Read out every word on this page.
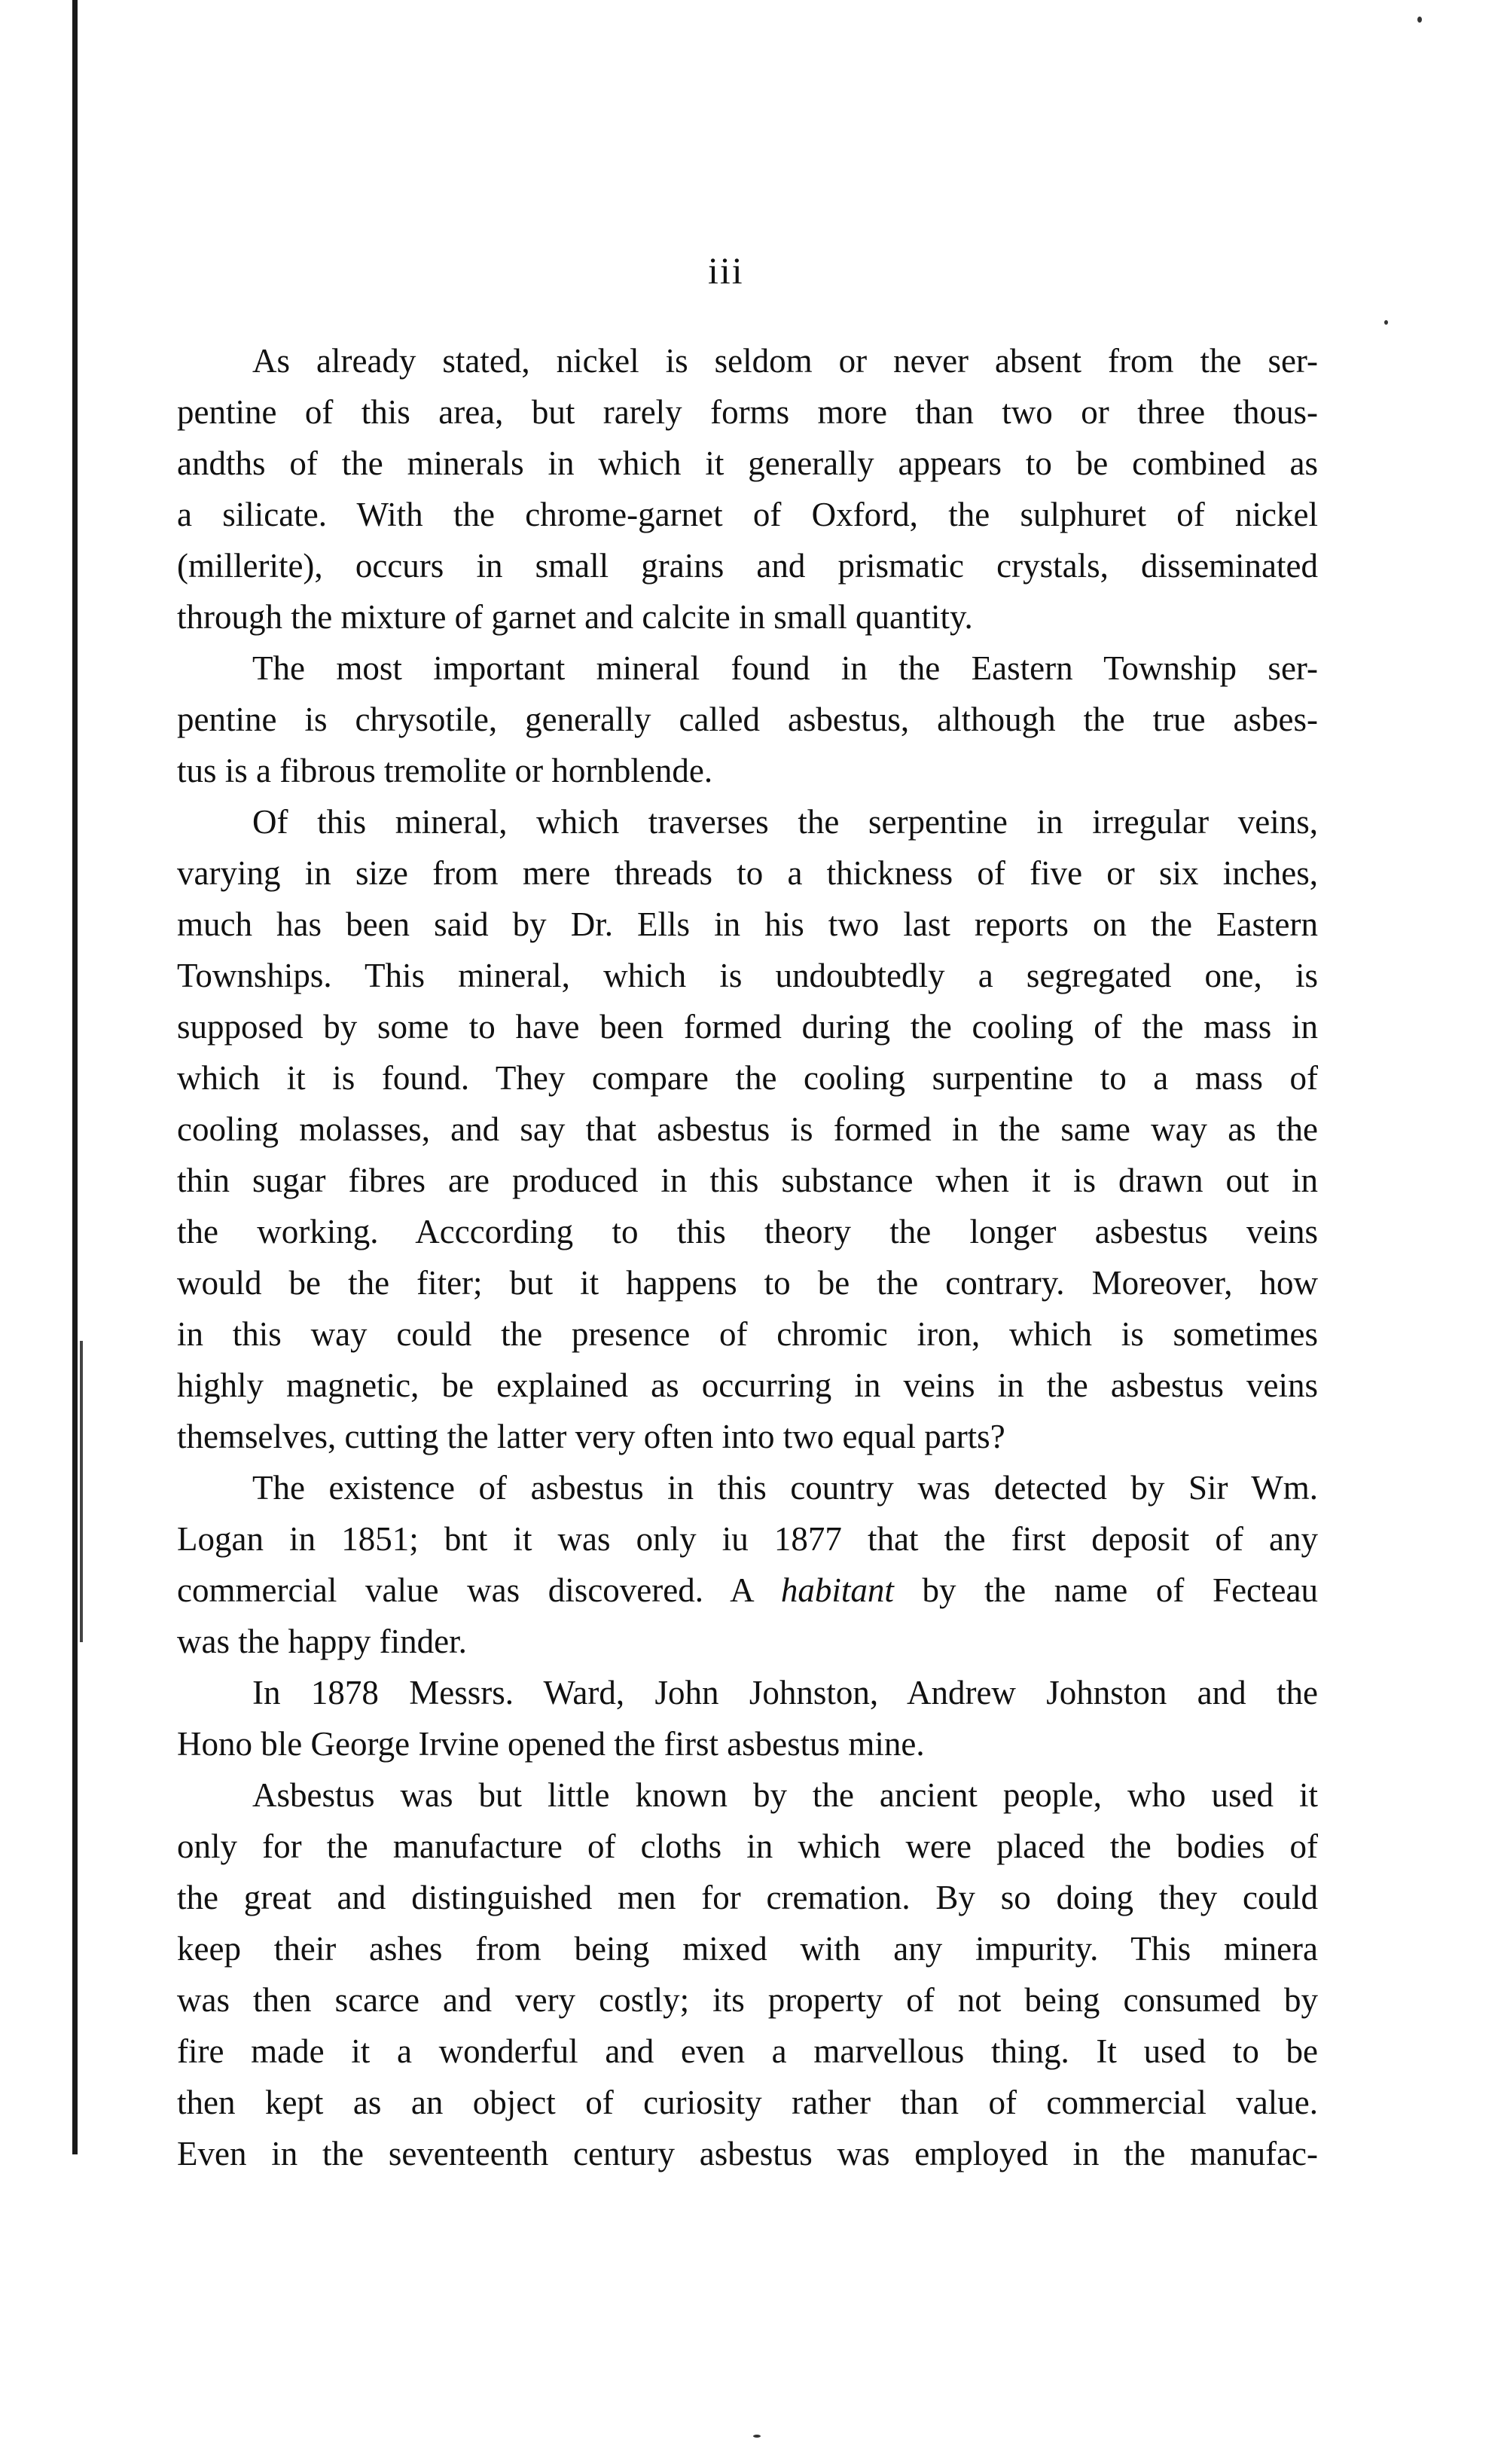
iii
As already stated, nickel is seldom or never absent from the ser-
pentine of this area, but rarely forms more than two or three thous-
andths of the minerals in which it generally appears to be combined as
a silicate. With the chrome-garnet of Oxford, the sulphuret of nickel
(millerite), occurs in small grains and prismatic crystals, disseminated
through the mixture of garnet and calcite in small quantity.
The most important mineral found in the Eastern Township ser-
pentine is chrysotile, generally called asbestus, although the true asbes-
tus is a fibrous tremolite or hornblende.
Of this mineral, which traverses the serpentine in irregular veins,
varying in size from mere threads to a thickness of five or six inches,
much has been said by Dr. Ells in his two last reports on the Eastern
Townships. This mineral, which is undoubtedly a segregated one, is
supposed by some to have been formed during the cooling of the mass in
which it is found. They compare the cooling surpentine to a mass of
cooling molasses, and say that asbestus is formed in the same way as the
thin sugar fibres are produced in this substance when it is drawn out in
the working. Acccording to this theory the longer asbestus veins
would be the fiter; but it happens to be the contrary. Moreover, how
in this way could the presence of chromic iron, which is sometimes
highly magnetic, be explained as occurring in veins in the asbestus veins
themselves, cutting the latter very often into two equal parts?
The existence of asbestus in this country was detected by Sir Wm.
Logan in 1851; bnt it was only iu 1877 that the first deposit of any
commercial value was discovered. A habitant by the name of Fecteau
was the happy finder.
In 1878 Messrs. Ward, John Johnston, Andrew Johnston and the
Hono ble George Irvine opened the first asbestus mine.
Asbestus was but little known by the ancient people, who used it
only for the manufacture of cloths in which were placed the bodies of
the great and distinguished men for cremation. By so doing they could
keep their ashes from being mixed with any impurity. This minera
was then scarce and very costly; its property of not being consumed by
fire made it a wonderful and even a marvellous thing. It used to be
then kept as an object of curiosity rather than of commercial value.
Even in the seventeenth century asbestus was employed in the manufac-
